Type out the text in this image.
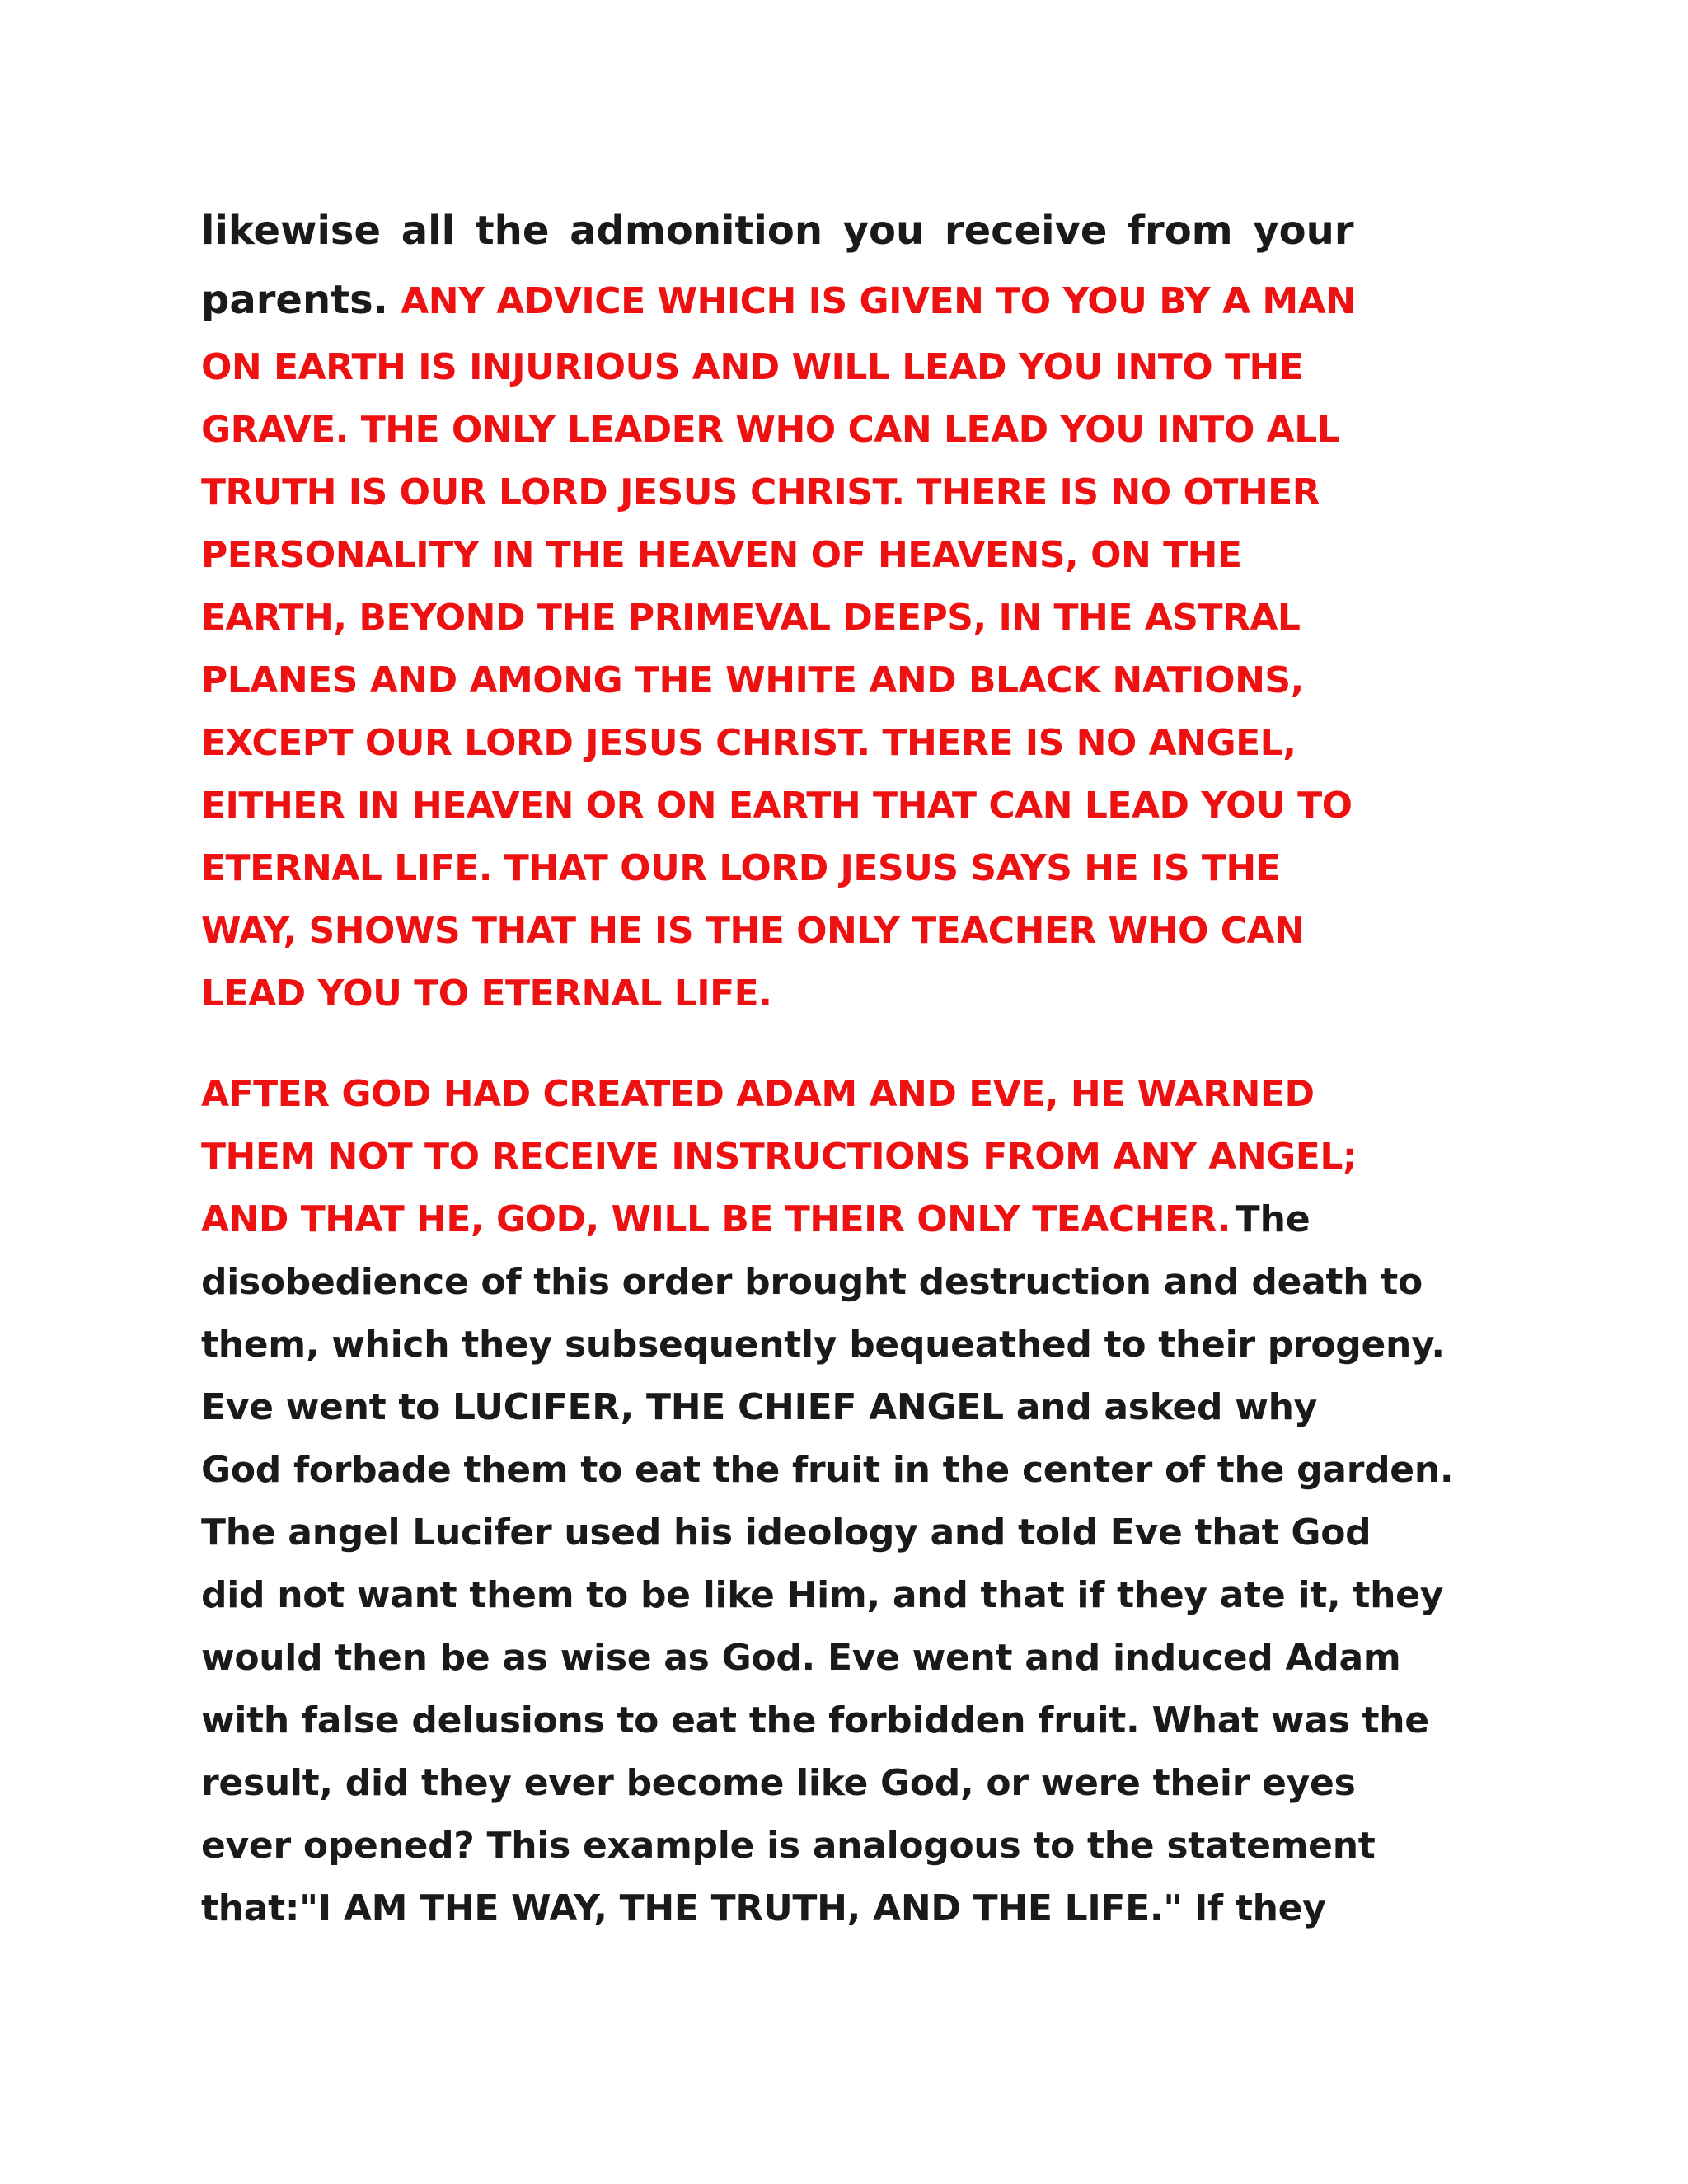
likewise all the admonition you receive from your
parents. ANY ADVICE WHICH IS GIVEN TO YOU BY A MAN
ON EARTH IS INJURIOUS AND WILL LEAD YOU INTO THE
GRAVE. THE ONLY LEADER WHO CAN LEAD YOU INTO ALL
TRUTH IS OUR LORD JESUS CHRIST. THERE IS NO OTHER
PERSONALITY IN THE HEAVEN OF HEAVENS, ON THE
EARTH, BEYOND THE PRIMEVAL DEEPS, IN THE ASTRAL
PLANES AND AMONG THE WHITE AND BLACK NATIONS,
EXCEPT OUR LORD JESUS CHRIST. THERE IS NO ANGEL,
EITHER IN HEAVEN OR ON EARTH THAT CAN LEAD YOU TO
ETERNAL LIFE. THAT OUR LORD JESUS SAYS HE IS THE
WAY, SHOWS THAT HE IS THE ONLY TEACHER WHO CAN
LEAD YOU TO ETERNAL LIFE.
AFTER GOD HAD CREATED ADAM AND EVE, HE WARNED
THEM NOT TO RECEIVE INSTRUCTIONS FROM ANY ANGEL;
AND THAT HE, GOD, WILL BE THEIR ONLY TEACHER. The
disobedience of this order brought destruction and death to
them, which they subsequently bequeathed to their progeny.
Eve went to LUCIFER, THE CHIEF ANGEL and asked why
God forbade them to eat the fruit in the center of the garden.
The angel Lucifer used his ideology and told Eve that God
did not want them to be like Him, and that if they ate it, they
would then be as wise as God. Eve went and induced Adam
with false delusions to eat the forbidden fruit. What was the
result, did they ever become like God, or were their eyes
ever opened? This example is analogous to the statement
that:"I AM THE WAY, THE TRUTH, AND THE LIFE." If they
